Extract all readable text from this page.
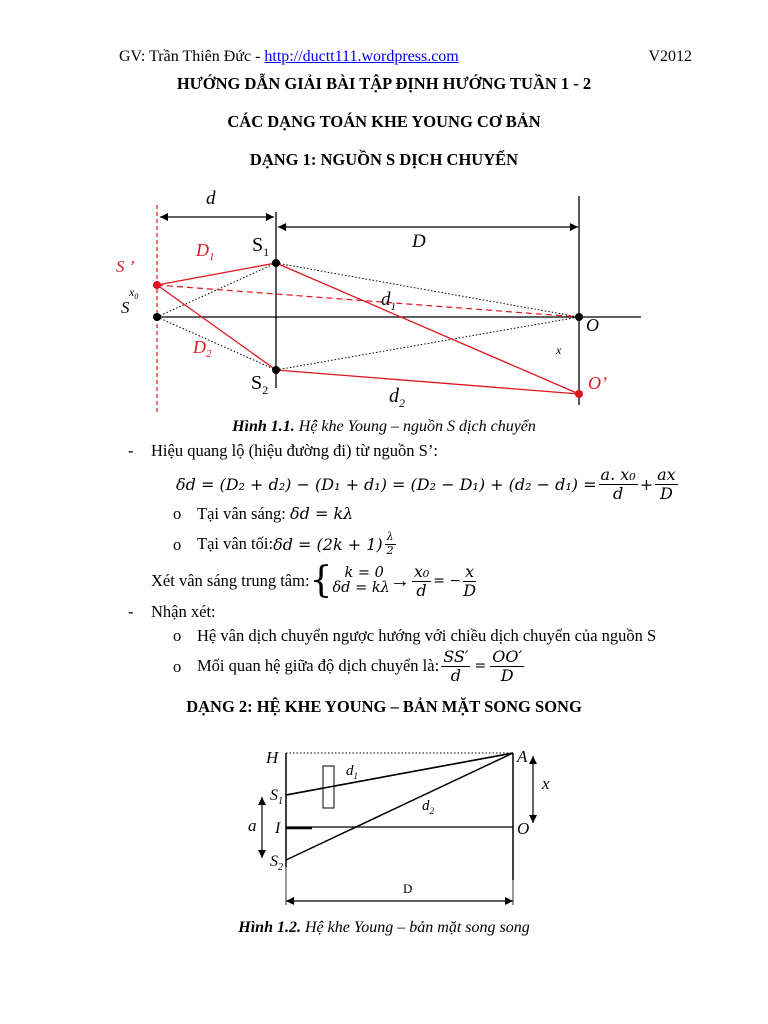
GV: Trần Thiên Đức - http://ductt111.wordpress.com	V2012
HƯỚNG DẪN GIẢI BÀI TẬP ĐỊNH HƯỚNG TUẦN 1 - 2
CÁC DẠNG TOÁN KHE YOUNG CƠ BẢN
DẠNG 1: NGUỒN S DỊCH CHUYỂN
d
D
$S_1$
$S_2$
S ’
$x_0$
S
$D_1$
$D_2$
$d_1$
$d_2$
O
O’
x
Hình 1.1. Hệ khe Young – nguồn S dịch chuyển
- Hiệu quang lộ (hiệu đường đi) từ nguồn S’:
$\delta d = (D_2 + d_2) - (D_1 + d_1) = (D_2 - D_1) + (d_2 - d_1) = \frac{\text{a. x₀}}{d} + \frac{ax}{D}$
o Tại vân sáng: δd = kλ
o Tại vân tối: $\delta d = (2k + 1) \frac{\lambda}{2}$
Xét vân sáng trung tâm: { k = 0
$\delta d = k\lambda \to \frac{\text{x₀}}{d}$ = − $\frac{x}{D}$
- Nhận xét:
o Hệ vân dịch chuyển ngược hướng với chiều dịch chuyển của nguồn S
o Mối quan hệ giữa độ dịch chuyển là: $\frac{SS'}{d} = \frac{OO'}{D}$
DẠNG 2: HỆ KHE YOUNG – BẢN MẶT SONG SONG
H	A
$S_1$
$S_2$
I	O
a
x
D
$d_1$
$d_2$
Hình 1.2. Hệ khe Young – bản mặt song song
